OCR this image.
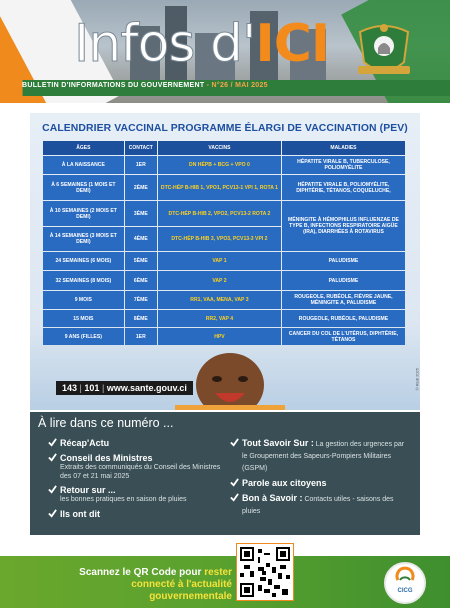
Infos d'ICI
BULLETIN D'INFORMATIONS DU GOUVERNEMENT - N°26 / MAI 2025
CALENDRIER VACCINAL PROGRAMME ÉLARGI DE VACCINATION (PEV)
ÂGES	CONTACT	VACCINS	MALADIES
À LA NAISSANCE	1ER	DN HÉPB + BCG + VPO 0	HÉPATITE VIRALE B, TUBERCULOSE, POLIOMYÉLITE
À 6 SEMAINES (1 MOIS ET DEMI)	2ÈME	DTC-HÉP B-HIB 1, VPO1, PCV13-1 VPI 1, ROTA 1	HÉPATITE VIRALE B, POLIOMYÉLITE, DIPHTÉRIE, TÉTANOS, COQUELUCHE,
À 10 SEMAINES (2 MOIS ET DEMI)	3ÈME	DTC-HÉP B-HIB 2, VPO2, PCV13-2 ROTA 2	MÉNINGITE À HÉMOPHILUS INFLUENZAE DE TYPE B, INFECTIONS RESPIRATOIRE AIGÜE (IRA), DIARRHÉES À ROTAVIRUS
À 14 SEMAINES (3 MOIS ET DEMI)	4ÈME	DTC-HÉP B-HIB 3, VPO3, PCV13-3 VPI 2	
24 SEMAINES (6 MOIS)	5ÈME	VAP 1	PALUDISME
32 SEMAINES (8 MOIS)	6ÈME	VAP 2	PALUDISME
9 MOIS	7ÈME	RR1, VAA, MENA, VAP 3	ROUGEOLE, RUBÉOLE, FIÈVRE JAUNE, MÉNINGITE A, PALUDISME
15 MOIS	8ÈME	RR2, VAP 4	ROUGEOLE, RUBÉOLE, PALUDISME
9 ANS (FILLES)	1ER	HPV	CANCER DU COL DE L'UTÉRUS, DIPHTÉRIE, TÉTANOS
143 | 101 | www.sante.gouv.ci	© Rédi 2025
À lire dans ce numéro ...
Récap'Actu
Conseil des Ministres
Extraits des communiqués du Conseil des Ministres des 07 et 21 mai 2025
Retour sur ...
les bonnes pratiques en saison de pluies
Ils ont dit
Tout Savoir Sur : La gestion des urgences par le Groupement des Sapeurs-Pompiers Militaires (GSPM)
Parole aux citoyens
Bon à Savoir : Contacts utiles - saisons des pluies
Scannez le QR Code pour rester connecté à l'actualité gouvernementale	CICG
